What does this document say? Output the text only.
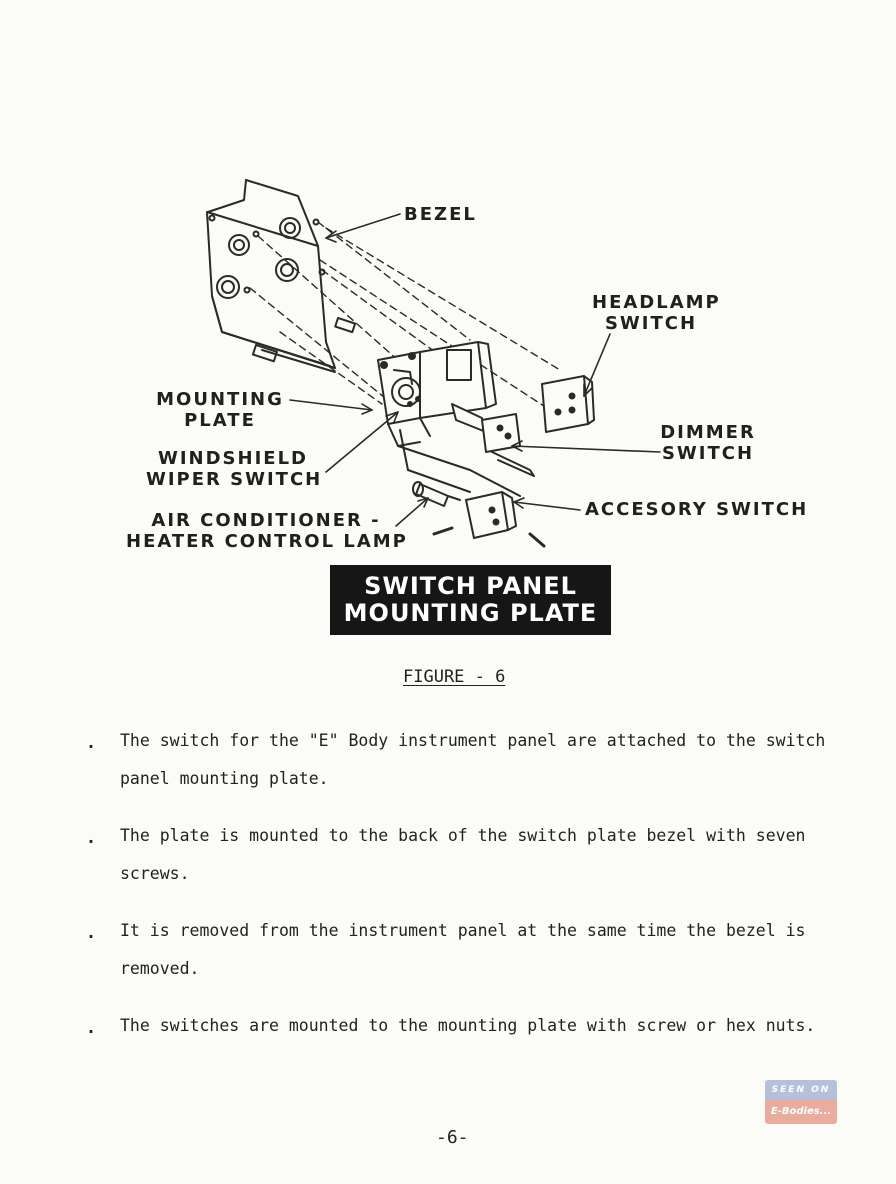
BEZEL
HEADLAMP
SWITCH
MOUNTING
PLATE
DIMMER
SWITCH
WINDSHIELD
WIPER SWITCH
ACCESORY SWITCH
AIR CONDITIONER -
HEATER CONTROL LAMP
SWITCH PANEL
MOUNTING PLATE
FIGURE - 6
. The switch for the "E" Body instrument panel are attached to the switch panel mounting plate.
. The plate is mounted to the back of the switch plate bezel with seven screws.
. It is removed from the instrument panel at the same time the bezel is removed.
. The switches are mounted to the mounting plate with screw or hex nuts.
SEEN ON
E-Bodies...
-6-
